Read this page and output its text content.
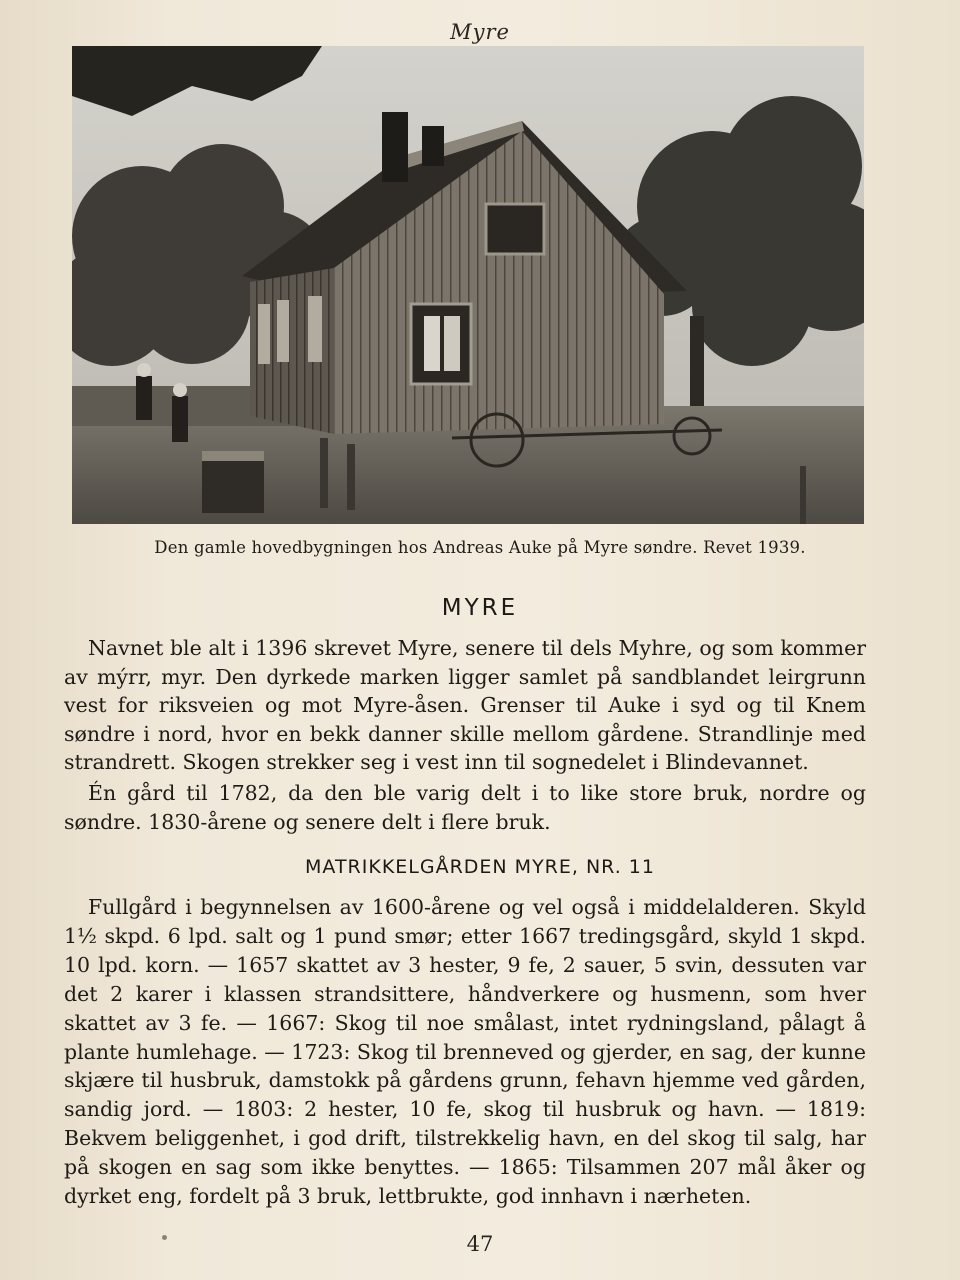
Myre
Den gamle hovedbygningen hos Andreas Auke på Myre søndre. Revet 1939.
MYRE

Navnet ble alt i 1396 skrevet Myre, senere til dels Myhre, og som kommer av mýrr, myr. Den dyrkede marken ligger samlet på sandblandet leirgrunn vest for riksveien og mot Myre-åsen. Grenser til Auke i syd og til Knem søndre i nord, hvor en bekk danner skille mellom gårdene. Strandlinje med strandrett. Skogen strekker seg i vest inn til sognedelet i Blindevannet.

Én gård til 1782, da den ble varig delt i to like store bruk, nordre og søndre. 1830-årene og senere delt i flere bruk.

MATRIKKELGÅRDEN MYRE, NR. 11

Fullgård i begynnelsen av 1600-årene og vel også i middelalderen. Skyld 1½ skpd. 6 lpd. salt og 1 pund smør; etter 1667 tredingsgård, skyld 1 skpd. 10 lpd. korn. — 1657 skattet av 3 hester, 9 fe, 2 sauer, 5 svin, dessuten var det 2 karer i klassen strandsittere, håndverkere og husmenn, som hver skattet av 3 fe. — 1667: Skog til noe smålast, intet rydningsland, pålagt å plante humlehage. — 1723: Skog til brenneved og gjerder, en sag, der kunne skjære til husbruk, damstokk på gårdens grunn, fehavn hjemme ved gården, sandig jord. — 1803: 2 hester, 10 fe, skog til husbruk og havn. — 1819: Bekvem beliggenhet, i god drift, tilstrekkelig havn, en del skog til salg, har på skogen en sag som ikke benyttes. — 1865: Tilsammen 207 mål åker og dyrket eng, fordelt på 3 bruk, lettbrukte, god innhavn i nærheten.

47
